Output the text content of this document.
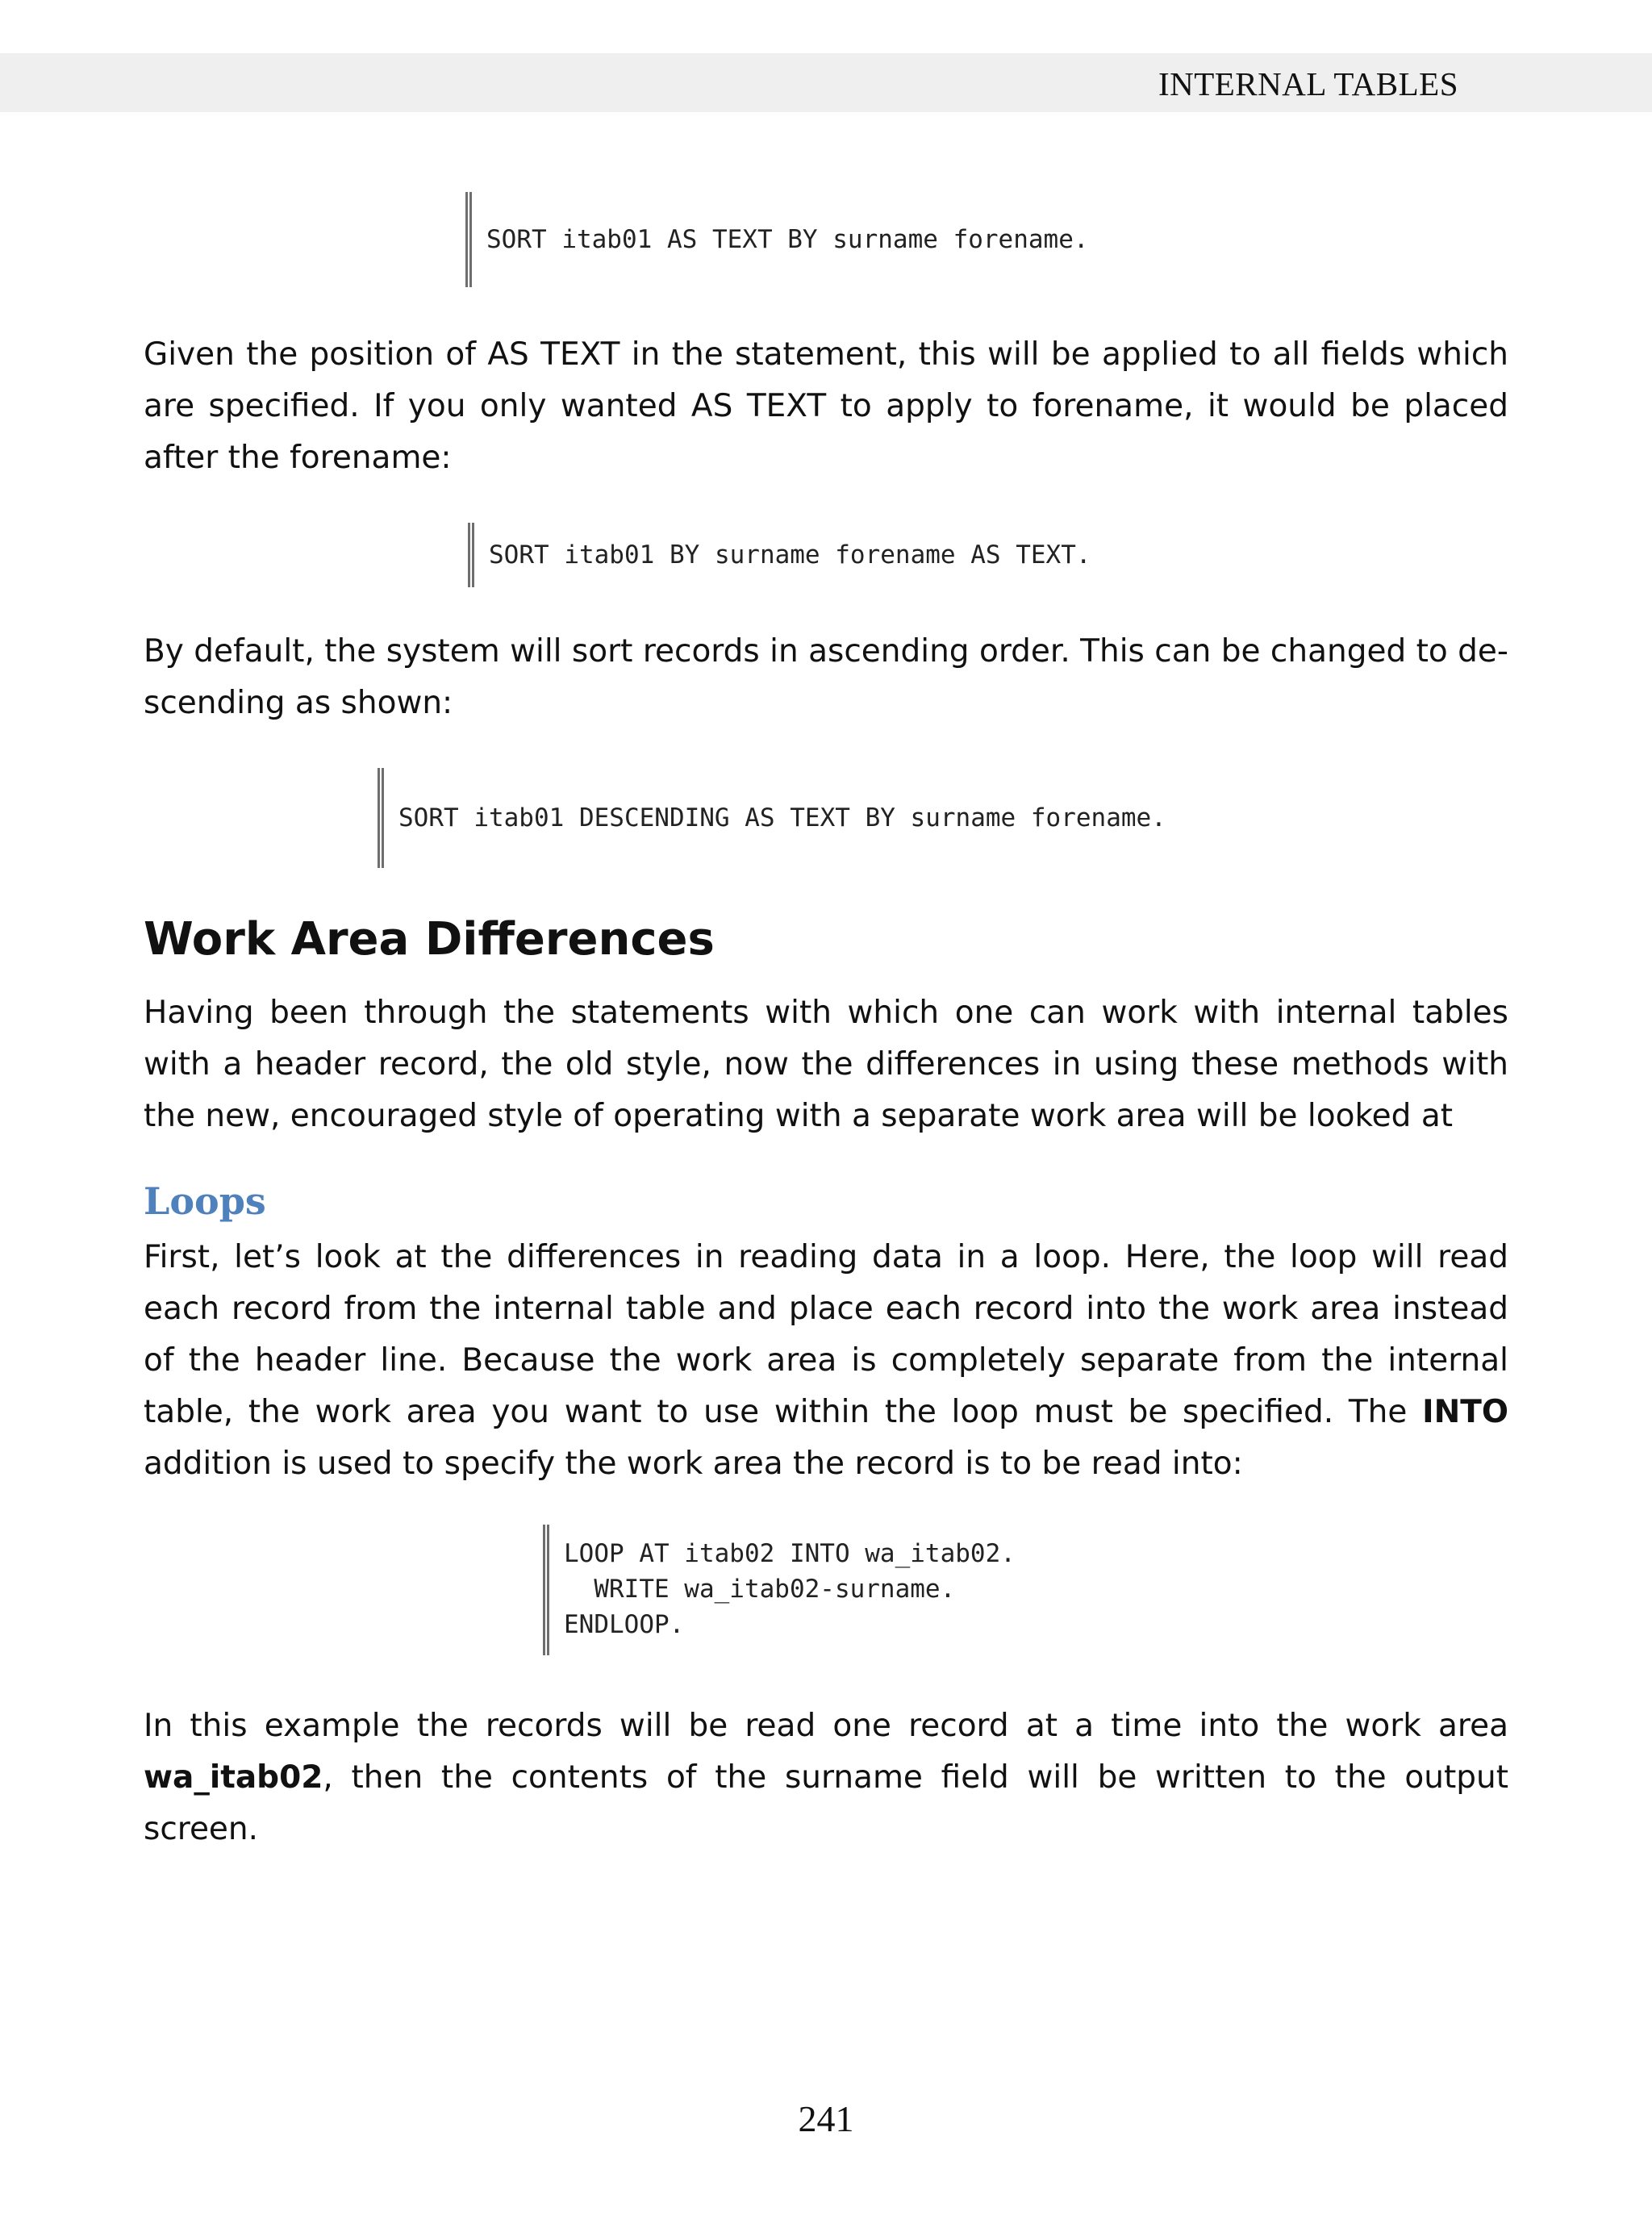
INTERNAL TABLES
SORT itab01 AS TEXT BY surname forename.

Given the position of AS TEXT in the statement, this will be applied to all fields which are specified. If you only wanted AS TEXT to apply to forename, it would be placed after the forename:

SORT itab01 BY surname forename AS TEXT.

By default, the system will sort records in ascending order. This can be changed to de-scending as shown:

SORT itab01 DESCENDING AS TEXT BY surname forename.
Work Area Differences

Having been through the statements with which one can work with internal tables with a header record, the old style, now the differences in using these methods with the new, encouraged style of operating with a separate work area will be looked at

Loops

First, let’s look at the differences in reading data in a loop. Here, the loop will read each record from the internal table and place each record into the work area instead of the header line. Because the work area is completely separate from the internal table, the work area you want to use within the loop must be specified. The INTO addition is used to specify the work area the record is to be read into:

LOOP AT itab02 INTO wa_itab02.
WRITE wa_itab02-surname.
ENDLOOP.

In this example the records will be read one record at a time into the work area wa_itab02, then the contents of the surname field will be written to the output screen.

241
